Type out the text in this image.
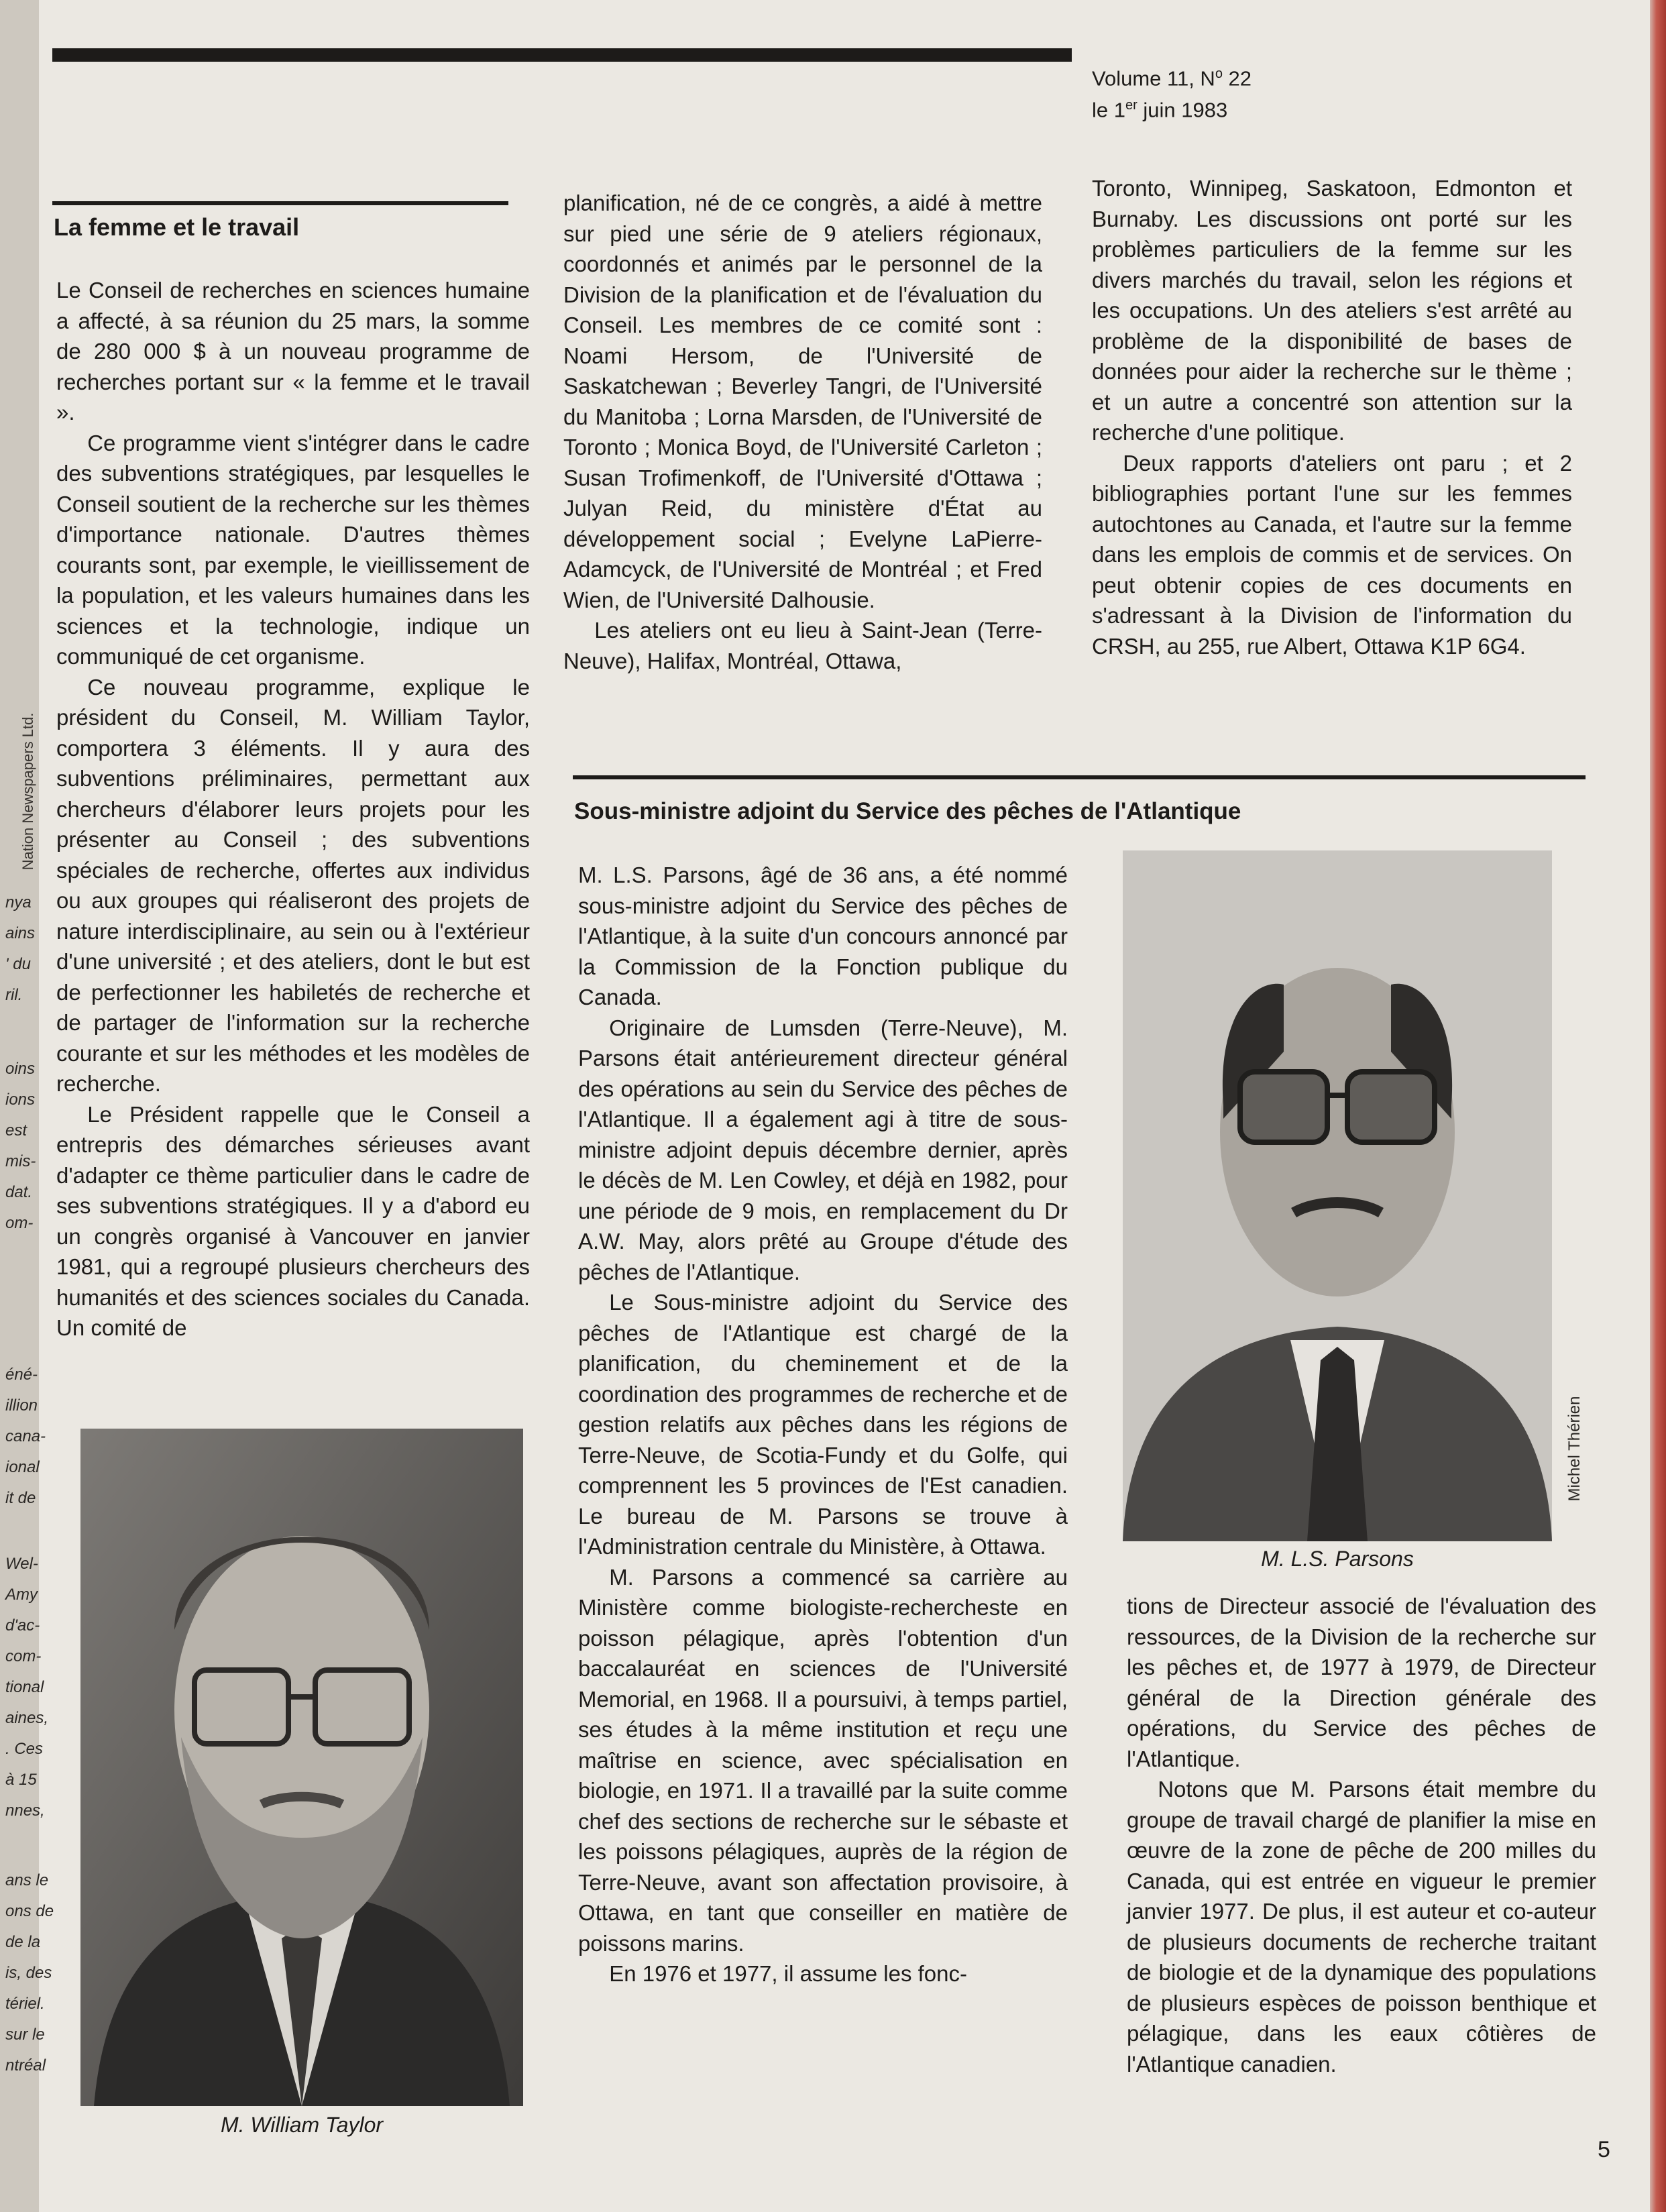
nya
ains
' du
ril.
oins
ions
est
mis-
dat.
om-
éné-
illion
cana-
ional
it de
Wel-
Amy
d'ac-
com-
tional
aines,
. Ces
à 15
nnes,
ans le
ons de
de la
is, des
tériel.
sur le
ntréal
Nation Newspapers Ltd.
Volume 11, $N^o$ 22
le 1er juin 1983
La femme et le travail

Le Conseil de recherches en sciences humaine a affecté, à sa réunion du 25 mars, la somme de 280 000 $ à un nouveau programme de recherches portant sur « la femme et le travail ».

Ce programme vient s'intégrer dans le cadre des subventions stratégiques, par lesquelles le Conseil soutient de la recherche sur les thèmes d'importance nationale. D'autres thèmes courants sont, par exemple, le vieillissement de la population, et les valeurs humaines dans les sciences et la technologie, indique un communiqué de cet organisme.

Ce nouveau programme, explique le président du Conseil, M. William Taylor, comportera 3 éléments. Il y aura des subventions préliminaires, permettant aux chercheurs d'élaborer leurs projets pour les présenter au Conseil ; des subventions spéciales de recherche, offertes aux individus ou aux groupes qui réaliseront des projets de nature interdisciplinaire, au sein ou à l'extérieur d'une université ; et des ateliers, dont le but est de perfectionner les habiletés de recherche et de partager de l'information sur la recherche courante et sur les méthodes et les modèles de recherche.

Le Président rappelle que le Conseil a entrepris des démarches sérieuses avant d'adapter ce thème particulier dans le cadre de ses subventions stratégiques. Il y a d'abord eu un congrès organisé à Vancouver en janvier 1981, qui a regroupé plusieurs chercheurs des humanités et des sciences sociales du Canada. Un comité de

M. William Taylor

planification, né de ce congrès, a aidé à mettre sur pied une série de 9 ateliers régionaux, coordonnés et animés par le personnel de la Division de la planification et de l'évaluation du Conseil. Les membres de ce comité sont : Noami Hersom, de l'Université de Saskatchewan ; Beverley Tangri, de l'Université du Manitoba ; Lorna Marsden, de l'Université de Toronto ; Monica Boyd, de l'Université Carleton ; Susan Trofimenkoff, de l'Université d'Ottawa ; Julyan Reid, du ministère d'État au développement social ; Evelyne LaPierre-Adamcyck, de l'Université de Montréal ; et Fred Wien, de l'Université Dalhousie.

Les ateliers ont eu lieu à Saint-Jean (Terre-Neuve), Halifax, Montréal, Ottawa,

Toronto, Winnipeg, Saskatoon, Edmonton et Burnaby. Les discussions ont porté sur les problèmes particuliers de la femme sur les divers marchés du travail, selon les régions et les occupations. Un des ateliers s'est arrêté au problème de la disponibilité de bases de données pour aider la recherche sur le thème ; et un autre a concentré son attention sur la recherche d'une politique.

Deux rapports d'ateliers ont paru ; et 2 bibliographies portant l'une sur les femmes autochtones au Canada, et l'autre sur la femme dans les emplois de commis et de services. On peut obtenir copies de ces documents en s'adressant à la Division de l'information du CRSH, au 255, rue Albert, Ottawa K1P 6G4.

Sous-ministre adjoint du Service des pêches de l'Atlantique

M. L.S. Parsons, âgé de 36 ans, a été nommé sous-ministre adjoint du Service des pêches de l'Atlantique, à la suite d'un concours annoncé par la Commission de la Fonction publique du Canada.

Originaire de Lumsden (Terre-Neuve), M. Parsons était antérieurement directeur général des opérations au sein du Service des pêches de l'Atlantique. Il a également agi à titre de sous-ministre adjoint depuis décembre dernier, après le décès de M. Len Cowley, et déjà en 1982, pour une période de 9 mois, en remplacement du Dr A.W. May, alors prêté au Groupe d'étude des pêches de l'Atlantique.

Le Sous-ministre adjoint du Service des pêches de l'Atlantique est chargé de la planification, du cheminement et de la coordination des programmes de recherche et de gestion relatifs aux pêches dans les régions de Terre-Neuve, de Scotia-Fundy et du Golfe, qui comprennent les 5 provinces de l'Est canadien. Le bureau de M. Parsons se trouve à l'Administration centrale du Ministère, à Ottawa.

M. Parsons a commencé sa carrière au Ministère comme biologiste-rechercheste en poisson pélagique, après l'obtention d'un baccalauréat en sciences de l'Université Memorial, en 1968. Il a poursuivi, à temps partiel, ses études à la même institution et reçu une maîtrise en science, avec spécialisation en biologie, en 1971. Il a travaillé par la suite comme chef des sections de recherche sur le sébaste et les poissons pélagiques, auprès de la région de Terre-Neuve, avant son affectation provisoire, à Ottawa, en tant que conseiller en matière de poissons marins.

En 1976 et 1977, il assume les fonc-

M. L.S. Parsons
Michel Thérien

tions de Directeur associé de l'évaluation des ressources, de la Division de la recherche sur les pêches et, de 1977 à 1979, de Directeur général de la Direction générale des opérations, du Service des pêches de l'Atlantique.

Notons que M. Parsons était membre du groupe de travail chargé de planifier la mise en œuvre de la zone de pêche de 200 milles du Canada, qui est entrée en vigueur le premier janvier 1977. De plus, il est auteur et co-auteur de plusieurs documents de recherche traitant de biologie et de la dynamique des populations de plusieurs espèces de poisson benthique et pélagique, dans les eaux côtières de l'Atlantique canadien.

5
